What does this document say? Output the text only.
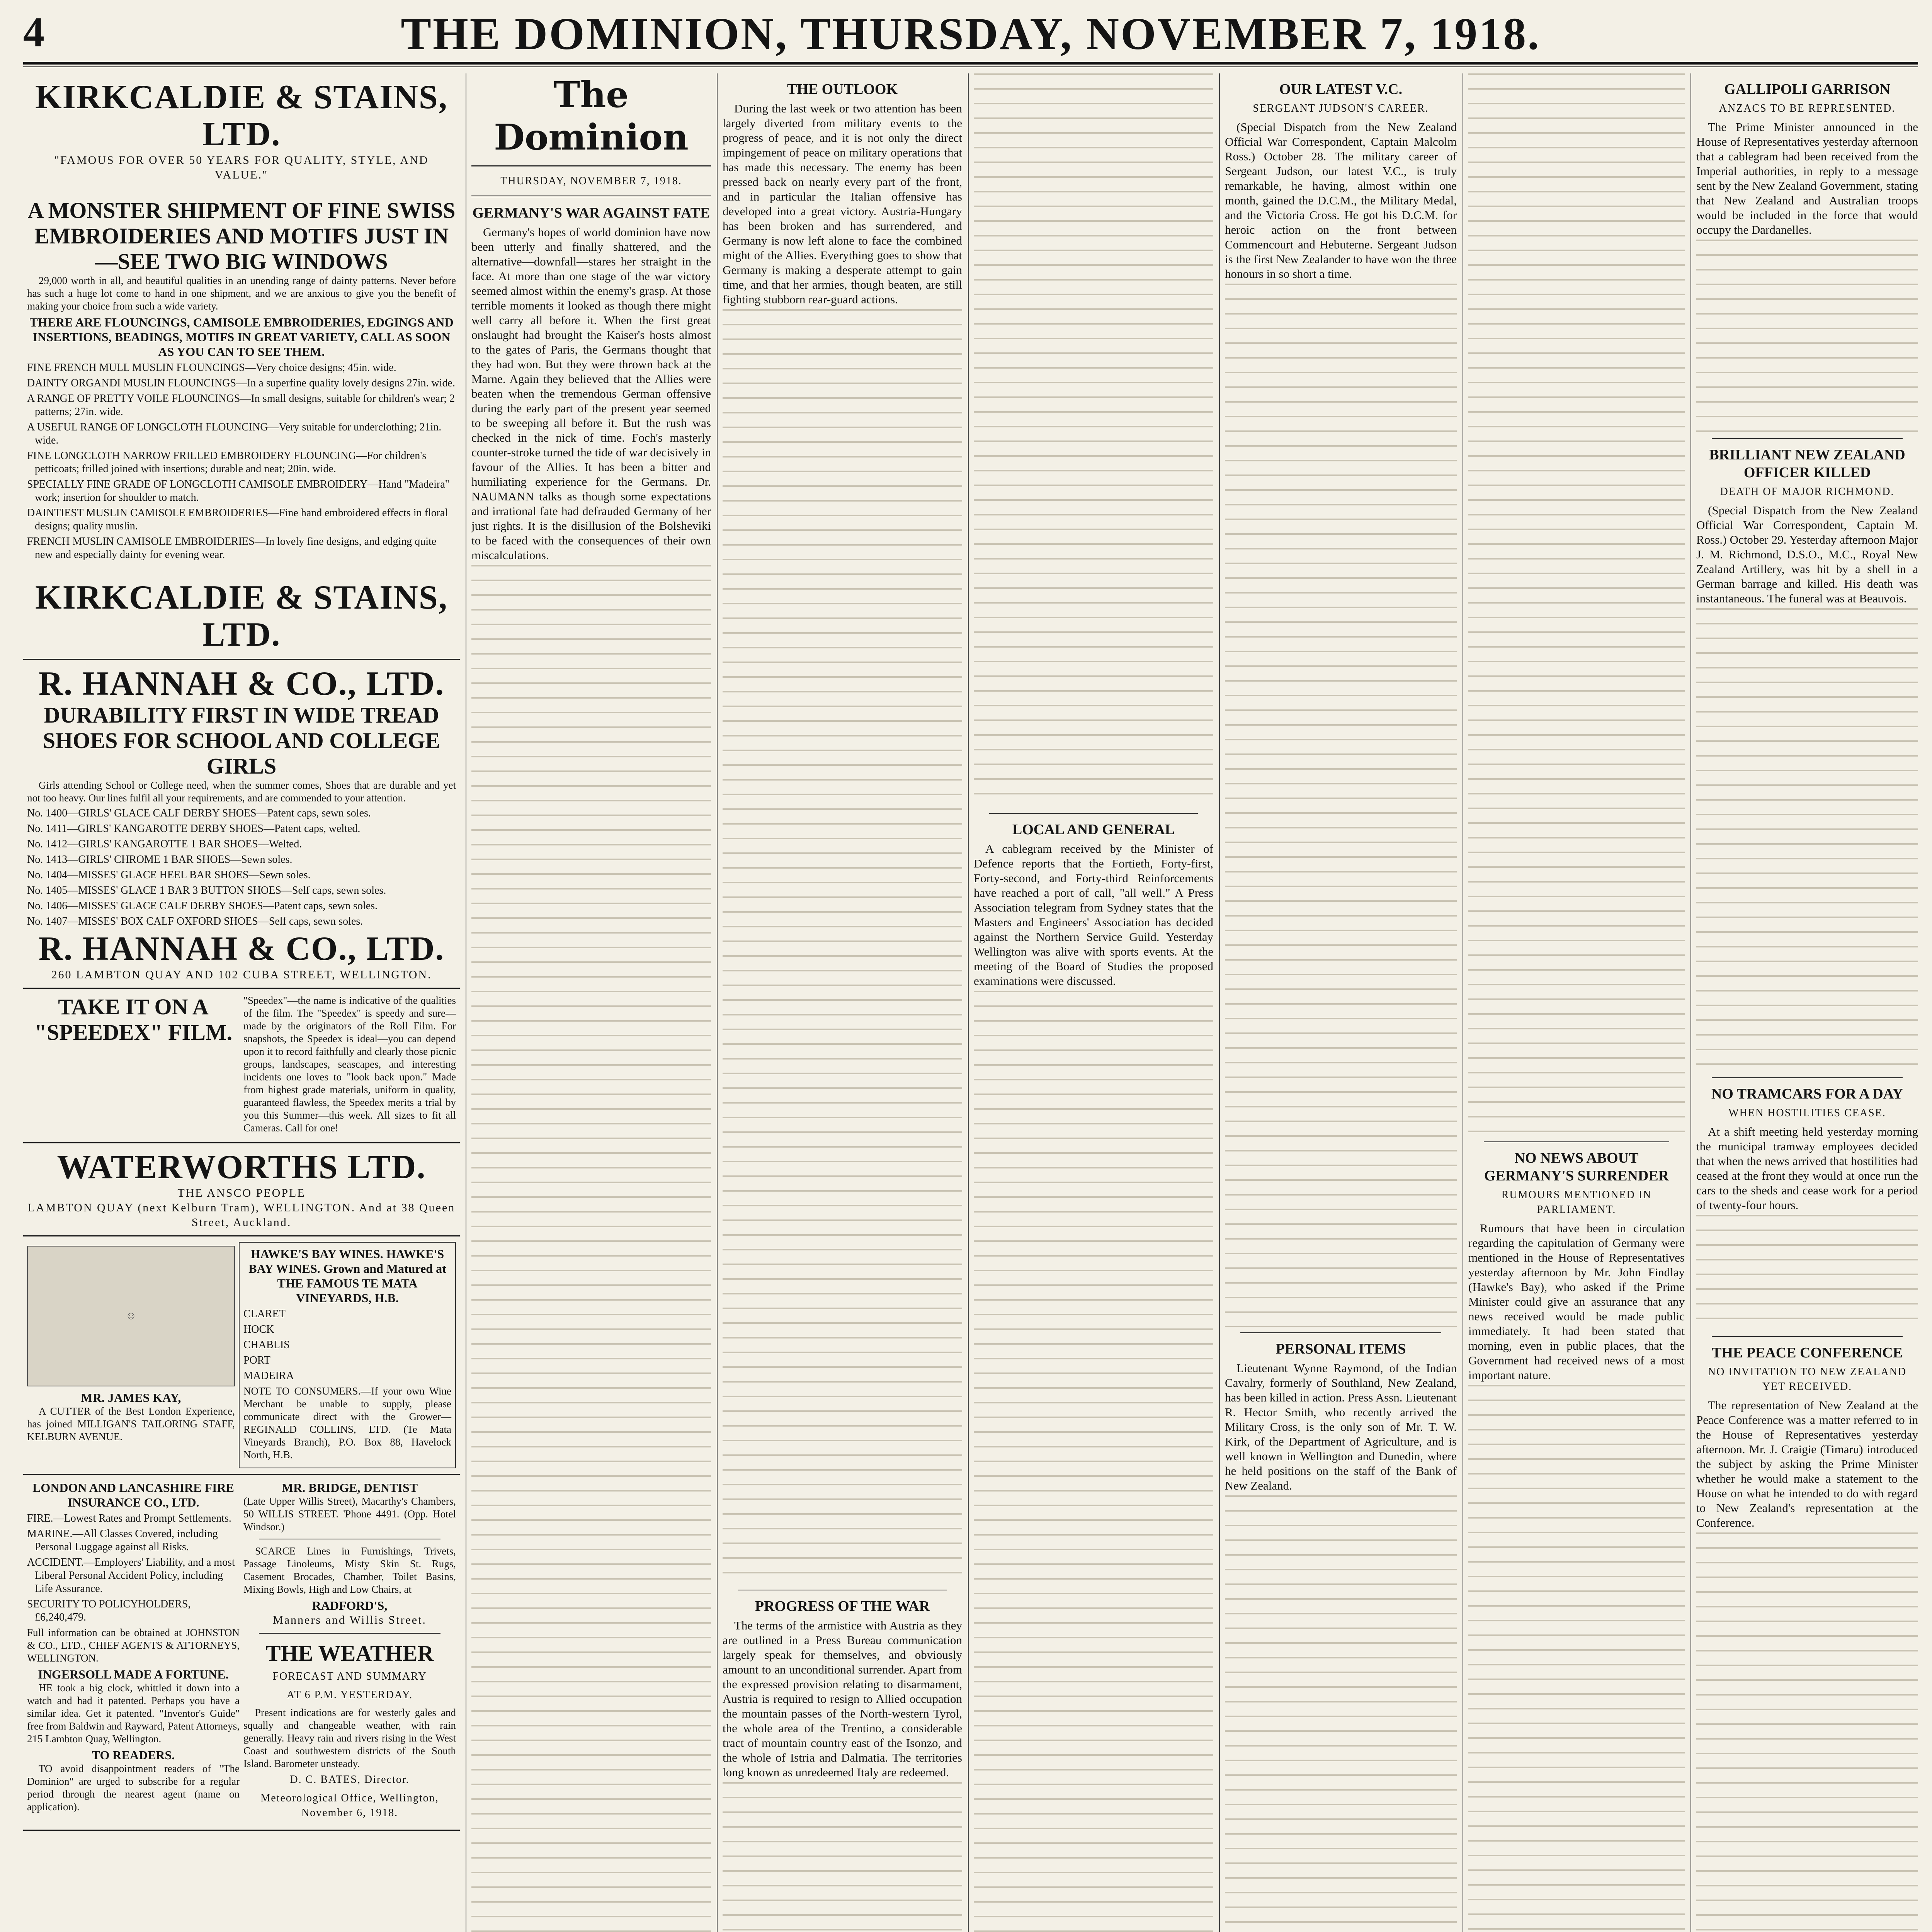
4	THE DOMINION, THURSDAY, NOVEMBER 7, 1918.
KIRKCALDIE & STAINS, LTD.
"FAMOUS FOR OVER 50 YEARS FOR QUALITY, STYLE, AND VALUE."
A MONSTER SHIPMENT OF FINE SWISS EMBROIDERIES AND MOTIFS JUST IN—SEE TWO BIG WINDOWS

29,000 worth in all, and beautiful qualities in an unending range of dainty patterns. Never before has such a huge lot come to hand in one shipment, and we are anxious to give you the benefit of making your choice from such a wide variety.

THERE ARE FLOUNCINGS, CAMISOLE EMBROIDERIES, EDGINGS AND INSERTIONS, BEADINGS, MOTIFS IN GREAT VARIETY, CALL AS SOON AS YOU CAN TO SEE THEM.
FINE FRENCH MULL MUSLIN FLOUNCINGS—Very choice designs; 45in. wide.
DAINTY ORGANDI MUSLIN FLOUNCINGS—In a superfine quality lovely designs 27in. wide.
A RANGE OF PRETTY VOILE FLOUNCINGS—In small designs, suitable for children's wear; 2 patterns; 27in. wide.
A USEFUL RANGE OF LONGCLOTH FLOUNCING—Very suitable for underclothing; 21in. wide.
FINE LONGCLOTH NARROW FRILLED EMBROIDERY FLOUNCING—For children's petticoats; frilled joined with insertions; durable and neat; 20in. wide.
SPECIALLY FINE GRADE OF LONGCLOTH CAMISOLE EMBROIDERY—Hand "Madeira" work; insertion for shoulder to match.
DAINTIEST MUSLIN CAMISOLE EMBROIDERIES—Fine hand embroidered effects in floral designs; quality muslin.
FRENCH MUSLIN CAMISOLE EMBROIDERIES—In lovely fine designs, and edging quite new and especially dainty for evening wear.
KIRKCALDIE & STAINS, LTD.
R. HANNAH & CO., LTD.
DURABILITY FIRST IN WIDE TREAD SHOES FOR SCHOOL AND COLLEGE GIRLS

Girls attending School or College need, when the summer comes, Shoes that are durable and yet not too heavy. Our lines fulfil all your requirements, and are commended to your attention.

No. 1400—GIRLS' GLACE CALF DERBY SHOES—Patent caps, sewn soles.
No. 1411—GIRLS' KANGAROTTE DERBY SHOES—Patent caps, welted.
No. 1412—GIRLS' KANGAROTTE 1 BAR SHOES—Welted.
No. 1413—GIRLS' CHROME 1 BAR SHOES—Sewn soles.
No. 1404—MISSES' GLACE HEEL BAR SHOES—Sewn soles.
No. 1405—MISSES' GLACE 1 BAR 3 BUTTON SHOES—Self caps, sewn soles.
No. 1406—MISSES' GLACE CALF DERBY SHOES—Patent caps, sewn soles.
No. 1407—MISSES' BOX CALF OXFORD SHOES—Self caps, sewn soles.
R. HANNAH & CO., LTD.
260 LAMBTON QUAY AND 102 CUBA STREET, WELLINGTON.
TAKE IT ON A "SPEEDEX" FILM.

"Speedex"—the name is indicative of the qualities of the film. The "Speedex" is speedy and sure—made by the originators of the Roll Film. For snapshots, the Speedex is ideal—you can depend upon it to record faithfully and clearly those picnic groups, landscapes, seascapes, and interesting incidents one loves to "look back upon." Made from highest grade materials, uniform in quality, guaranteed flawless, the Speedex merits a trial by you this Summer—this week. All sizes to fit all Cameras. Call for one!

WATERWORTHS LTD.
THE ANSCO PEOPLE
LAMBTON QUAY (next Kelburn Tram), WELLINGTON. And at 38 Queen Street, Auckland.
☺
MR. JAMES KAY,

A CUTTER of the Best London Experience, has joined MILLIGAN'S TAILORING STAFF, KELBURN AVENUE.

HAWKE'S BAY WINES. HAWKE'S BAY WINES. Grown and Matured at THE FAMOUS TE MATA VINEYARDS, H.B.
CLARET
HOCK
CHABLIS
PORT
MADEIRA

NOTE TO CONSUMERS.—If your own Wine Merchant be unable to supply, please communicate direct with the Grower—REGINALD COLLINS, LTD. (Te Mata Vineyards Branch), P.O. Box 88, Havelock North, H.B.

LONDON AND LANCASHIRE FIRE INSURANCE CO., LTD.
FIRE.—Lowest Rates and Prompt Settlements.
MARINE.—All Classes Covered, including Personal Luggage against all Risks.
ACCIDENT.—Employers' Liability, and a most Liberal Personal Accident Policy, including Life Assurance.
SECURITY TO POLICYHOLDERS, £6,240,479.

Full information can be obtained at JOHNSTON & CO., LTD., CHIEF AGENTS & ATTORNEYS, WELLINGTON.

INGERSOLL MADE A FORTUNE.

HE took a big clock, whittled it down into a watch and had it patented. Perhaps you have a similar idea. Get it patented. "Inventor's Guide" free from Baldwin and Rayward, Patent Attorneys, 215 Lambton Quay, Wellington.

TO READERS.

TO avoid disappointment readers of "The Dominion" are urged to subscribe for a regular period through the nearest agent (name on application).

MR. BRIDGE, DENTIST

(Late Upper Willis Street), Macarthy's Chambers, 50 WILLIS STREET. 'Phone 4491. (Opp. Hotel Windsor.)

SCARCE Lines in Furnishings, Trivets, Passage Linoleums, Misty Skin St. Rugs, Casement Brocades, Chamber, Toilet Basins, Mixing Bowls, High and Low Chairs, at

RADFORD'S,
Manners and Willis Street.
THE WEATHER
FORECAST AND SUMMARY
AT 6 P.M. YESTERDAY.

Present indications are for westerly gales and squally and changeable weather, with rain generally. Heavy rain and rivers rising in the West Coast and southwestern districts of the South Island. Barometer unsteady.

D. C. BATES, Director.
Meteorological Office, Wellington, November 6, 1918.
The Dominion
THURSDAY, NOVEMBER 7, 1918.
GERMANY'S WAR AGAINST FATE

Germany's hopes of world dominion have now been utterly and finally shattered, and the alternative—downfall—stares her straight in the face. At more than one stage of the war victory seemed almost within the enemy's grasp. At those terrible moments it looked as though there might well carry all before it. When the first great onslaught had brought the Kaiser's hosts almost to the gates of Paris, the Germans thought that they had won. But they were thrown back at the Marne. Again they believed that the Allies were beaten when the tremendous German offensive during the early part of the present year seemed to be sweeping all before it. But the rush was checked in the nick of time. Foch's masterly counter-stroke turned the tide of war decisively in favour of the Allies. It has been a bitter and humiliating experience for the Germans. Dr. NAUMANN talks as though some expectations and irrational fate had defrauded Germany of her just rights. It is the disillusion of the Bolsheviki to be faced with the consequences of their own miscalculations.

THE OUTLOOK

During the last week or two attention has been largely diverted from military events to the progress of peace, and it is not only the direct impingement of peace on military operations that has made this necessary. The enemy has been pressed back on nearly every part of the front, and in particular the Italian offensive has developed into a great victory. Austria-Hungary has been broken and has surrendered, and Germany is now left alone to face the combined might of the Allies. Everything goes to show that Germany is making a desperate attempt to gain time, and that her armies, though beaten, are still fighting stubborn rear-guard actions.

PROGRESS OF THE WAR

The terms of the armistice with Austria as they are outlined in a Press Bureau communication largely speak for themselves, and obviously amount to an unconditional surrender. Apart from the expressed provision relating to disarmament, Austria is required to resign to Allied occupation the mountain passes of the North-western Tyrol, the whole area of the Trentino, a considerable tract of mountain country east of the Isonzo, and the whole of Istria and Dalmatia. The territories long known as unredeemed Italy are redeemed.

LOCAL AND GENERAL

A cablegram received by the Minister of Defence reports that the Fortieth, Forty-first, Forty-second, and Forty-third Reinforcements have reached a port of call, "all well." A Press Association telegram from Sydney states that the Masters and Engineers' Association has decided against the Northern Service Guild. Yesterday Wellington was alive with sports events. At the meeting of the Board of Studies the proposed examinations were discussed.

OUR LATEST V.C.
SERGEANT JUDSON'S CAREER.

(Special Dispatch from the New Zealand Official War Correspondent, Captain Malcolm Ross.) October 28. The military career of Sergeant Judson, our latest V.C., is truly remarkable, he having, almost within one month, gained the D.C.M., the Military Medal, and the Victoria Cross. He got his D.C.M. for heroic action on the front between Commencourt and Hebuterne. Sergeant Judson is the first New Zealander to have won the three honours in so short a time.

PERSONAL ITEMS

Lieutenant Wynne Raymond, of the Indian Cavalry, formerly of Southland, New Zealand, has been killed in action. Press Assn. Lieutenant R. Hector Smith, who recently arrived the Military Cross, is the only son of Mr. T. W. Kirk, of the Department of Agriculture, and is well known in Wellington and Dunedin, where he held positions on the staff of the Bank of New Zealand.

NO NEWS ABOUT GERMANY'S SURRENDER
RUMOURS MENTIONED IN PARLIAMENT.

Rumours that have been in circulation regarding the capitulation of Germany were mentioned in the House of Representatives yesterday afternoon by Mr. John Findlay (Hawke's Bay), who asked if the Prime Minister could give an assurance that any news received would be made public immediately. It had been stated that morning, even in public places, that the Government had received news of a most important nature.

GALLIPOLI GARRISON
ANZACS TO BE REPRESENTED.

The Prime Minister announced in the House of Representatives yesterday afternoon that a cablegram had been received from the Imperial authorities, in reply to a message sent by the New Zealand Government, stating that New Zealand and Australian troops would be included in the force that would occupy the Dardanelles.

BRILLIANT NEW ZEALAND OFFICER KILLED
DEATH OF MAJOR RICHMOND.

(Special Dispatch from the New Zealand Official War Correspondent, Captain M. Ross.) October 29. Yesterday afternoon Major J. M. Richmond, D.S.O., M.C., Royal New Zealand Artillery, was hit by a shell in a German barrage and killed. His death was instantaneous. The funeral was at Beauvois.

NO TRAMCARS FOR A DAY
WHEN HOSTILITIES CEASE.

At a shift meeting held yesterday morning the municipal tramway employees decided that when the news arrived that hostilities had ceased at the front they would at once run the cars to the sheds and cease work for a period of twenty-four hours.

THE PEACE CONFERENCE
NO INVITATION TO NEW ZEALAND YET RECEIVED.

The representation of New Zealand at the Peace Conference was a matter referred to in the House of Representatives yesterday afternoon. Mr. J. Craigie (Timaru) introduced the subject by asking the Prime Minister whether he would make a statement to the House on what he intended to do with regard to New Zealand's representation at the Conference.
